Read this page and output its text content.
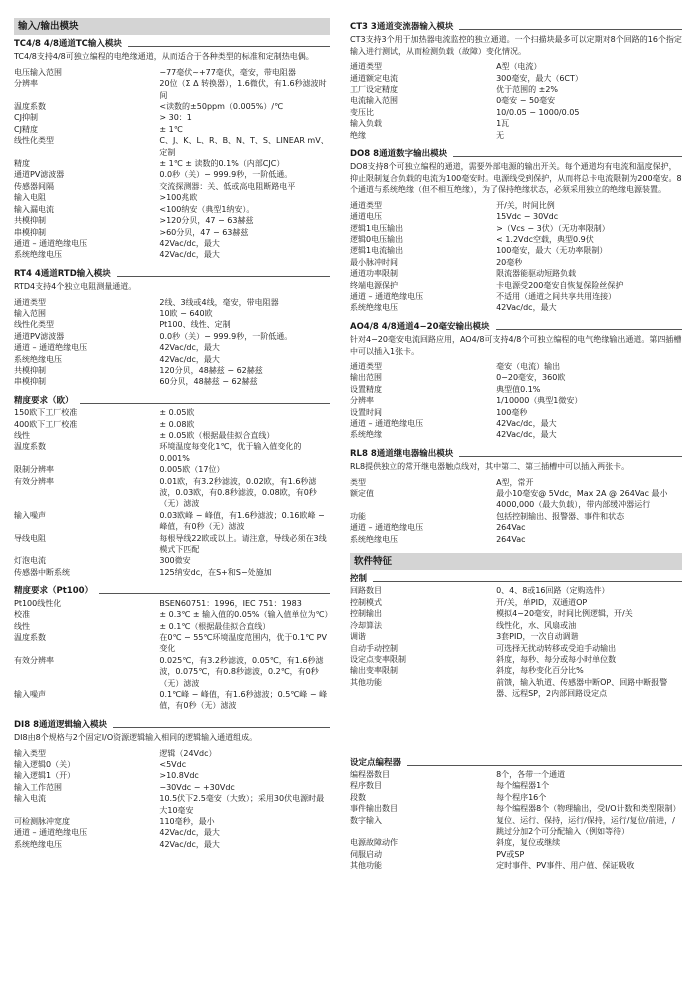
输入/输出模块
TC4/8 4/8通道TC输入模块
TC4/8支持4/8可独立编程的电绝缘通道，从而适合于各种类型的标准和定制热电偶。
电压输入范围	−77毫伏~+77毫伏，毫安，带电阻器
分辨率	20位（Σ Δ 转换器），1.6微伏，有1.6秒滤波时间
温度系数	<读数的±50ppm（0.005%）/℃
CJ抑制	> 30：1
CJ精度	± 1℃
线性化类型	C、J、K、L、R、B、N、T、S、LINEAR mV、定制
精度	± 1℃ ± 读数的0.1%（内部CJC）
通道PV滤波器	0.0秒（关）− 999.9秒，一阶低通。
传感器间隔	交流探测器：关、低或高电阻断路电平
输入电阻	>100兆欧
输入漏电流	<100纳安（典型1纳安）。
共模抑制	>120分贝，47 − 63赫兹
串模抑制	>60分贝，47 − 63赫兹
通道 – 通道绝缘电压	42Vac/dc，最大
系统绝缘电压	42Vac/dc，最大
RT4 4通道RTD输入模块
RTD4支持4个独立电阻测量通道。
通道类型	2线、3线或4线，毫安，带电阻器
输入范围	10欧 − 640欧
线性化类型	Pt100、线性、定制
通道PV滤波器	0.0秒（关）− 999.9秒，一阶低通。
通道 – 通道绝缘电压	42Vac/dc，最大
系统绝缘电压	42Vac/dc，最大
共模抑制	120分贝，48赫兹 − 62赫兹
串模抑制	60分贝，48赫兹 − 62赫兹
精度要求（欧）
150欧下工厂校准	± 0.05欧
400欧下工厂校准	± 0.08欧
线性	± 0.05欧（根据最佳拟合直线）
温度系数	环境温度每变化1℃，优于输入值变化的0.001%
限制分辨率	0.005欧（17位）
有效分辨率	0.01欧，有3.2秒滤波，0.02欧，有1.6秒滤波，0.03欧，有0.8秒滤波，0.08欧，有0秒（无）滤波
输入噪声	0.03欧峰 − 峰值，有1.6秒滤波；0.16欧峰 − 峰值，有0秒（无）滤波
导线电阻	每根导线22欧或以上。请注意，导线必须在3线模式下匹配
灯泡电流	300微安
传感器中断系统	125纳安dc，在S+和S−处施加
精度要求（Pt100）
Pt100线性化	BSEN60751：1996，IEC 751：1983
校准	± 0.3℃ ± 输入值的0.05%（输入值单位为℃）
线性	± 0.1℃（根据最佳拟合直线）
温度系数	在0℃ − 55℃环境温度范围内，优于0.1℃ PV变化
有效分辨率	0.025℃，有3.2秒滤波，0.05℃，有1.6秒滤波，0.075℃，有0.8秒滤波，0.2℃，有0秒（无）滤波
输入噪声	0.1℃峰 − 峰值，有1.6秒滤波；0.5℃峰 − 峰值，有0秒（无）滤波
DI8 8通道逻辑输入模块
DI8由8个规格与2个固定I/O资源逻辑输入相同的逻辑输入通道组成。
输入类型	逻辑（24Vdc）
输入逻辑0（关）	<5Vdc
输入逻辑1（开）	>10.8Vdc
输入工作范围	−30Vdc − +30Vdc
输入电流	10.5伏下2.5毫安（大致）；采用30伏电源时最大10毫安
可检测脉冲宽度	110毫秒，最小
通道 – 通道绝缘电压	42Vac/dc，最大
系统绝缘电压	42Vac/dc，最大
CT3 3通道变流器输入模块
CT3支持3个用于加热器电流监控的独立通道。一个扫描块最多可以定期对8个回路的16个指定输入进行测试，从而检测负载（故障）变化情况。
通道类型	A型（电流）
通道额定电流	300毫安，最大（6CT）
工厂设定精度	优于范围的 ±2%
电流输入范围	0毫安 − 50毫安
变压比	10/0.05 − 1000/0.05
输入负载	1瓦
绝缘	无
DO8 8通道数字输出模块
DO8支持8个可独立编程的通道，需要外部电源的输出开关。每个通道均有电流和温度保护，抑止限制复合负载的电流为100毫安时。电源线受到保护，从而将总卡电流限制为200毫安。8个通道与系统绝缘（但不相互绝缘），为了保持绝缘状态，必须采用独立的绝缘电源装置。
通道类型	开/关，时间比例
通道电压	15Vdc − 30Vdc
逻辑1电压输出	>（Vcs − 3伏）（无功率限制）
逻辑0电压输出	< 1.2Vdc空载，典型0.9伏
逻辑1电流输出	100毫安，最大（无功率限制）
最小脉冲时间	20毫秒
通道功率限制	限流器能驱动短路负载
终端电源保护	卡电源受200毫安自恢复保险丝保护
通道 – 通道绝缘电压	不适用（通道之间共享共用连接）
系统绝缘电压	42Vac/dc，最大
AO4/8 4/8通道4−20毫安输出模块
针对4−20毫安电流回路应用，AO4/8可支持4/8个可独立编程的电气绝缘输出通道。第四插槽中可以插入1张卡。
通道类型	毫安（电流）输出
输出范围	0−20毫安，360欧
设置精度	典型值0.1%
分辨率	1/10000（典型1微安）
设置时间	100毫秒
通道 – 通道绝缘电压	42Vac/dc，最大
系统绝缘	42Vac/dc，最大
RL8 8通道继电器输出模块
RL8提供独立的常开继电器触点线对，其中第二、第三插槽中可以插入两张卡。
类型	A型，常开
额定值	最小10毫安@ 5Vdc，Max 2A @ 264Vac 最小4000,000（最大负载），带内部缓冲器运行
功能	包括控制输出、报警器、事件和状态
通道 – 通道绝缘电压	264Vac
系统绝缘电压	264Vac
软件特征
控制
回路数目	0、4、8或16回路（定购选件）
控制模式	开/关，单PID，双通道OP
控制输出	模拟4−20毫安，时间比例逻辑，开/关
冷却算法	线性化，水、风扇或油
调谐	3套PID，一次自动调谐
自动手动控制	可选择无扰动转移或受迫手动输出
设定点变率限制	斜度，每秒、每分或每小时单位数
输出变率限制	斜度，每秒变化百分比%
其他功能	前馈，输入轨道、传感器中断OP、回路中断报警器、远程SP，2内部回路设定点
设定点编程器
编程器数目	8个，各带一个通道
程序数目	每个编程器1个
段数	每个程序16个
事件输出数目	每个编程器8个（物理输出，受I/O计数和类型限制）
数字输入	复位、运行、保持，运行/保持，运行/复位/前进，/跳过分加2个可分配输入（例如等待）
电源故障动作	斜度，复位或继续
伺服启动	PV或SP
其他功能	定时事件、PV事件、用户值、保证吸收
